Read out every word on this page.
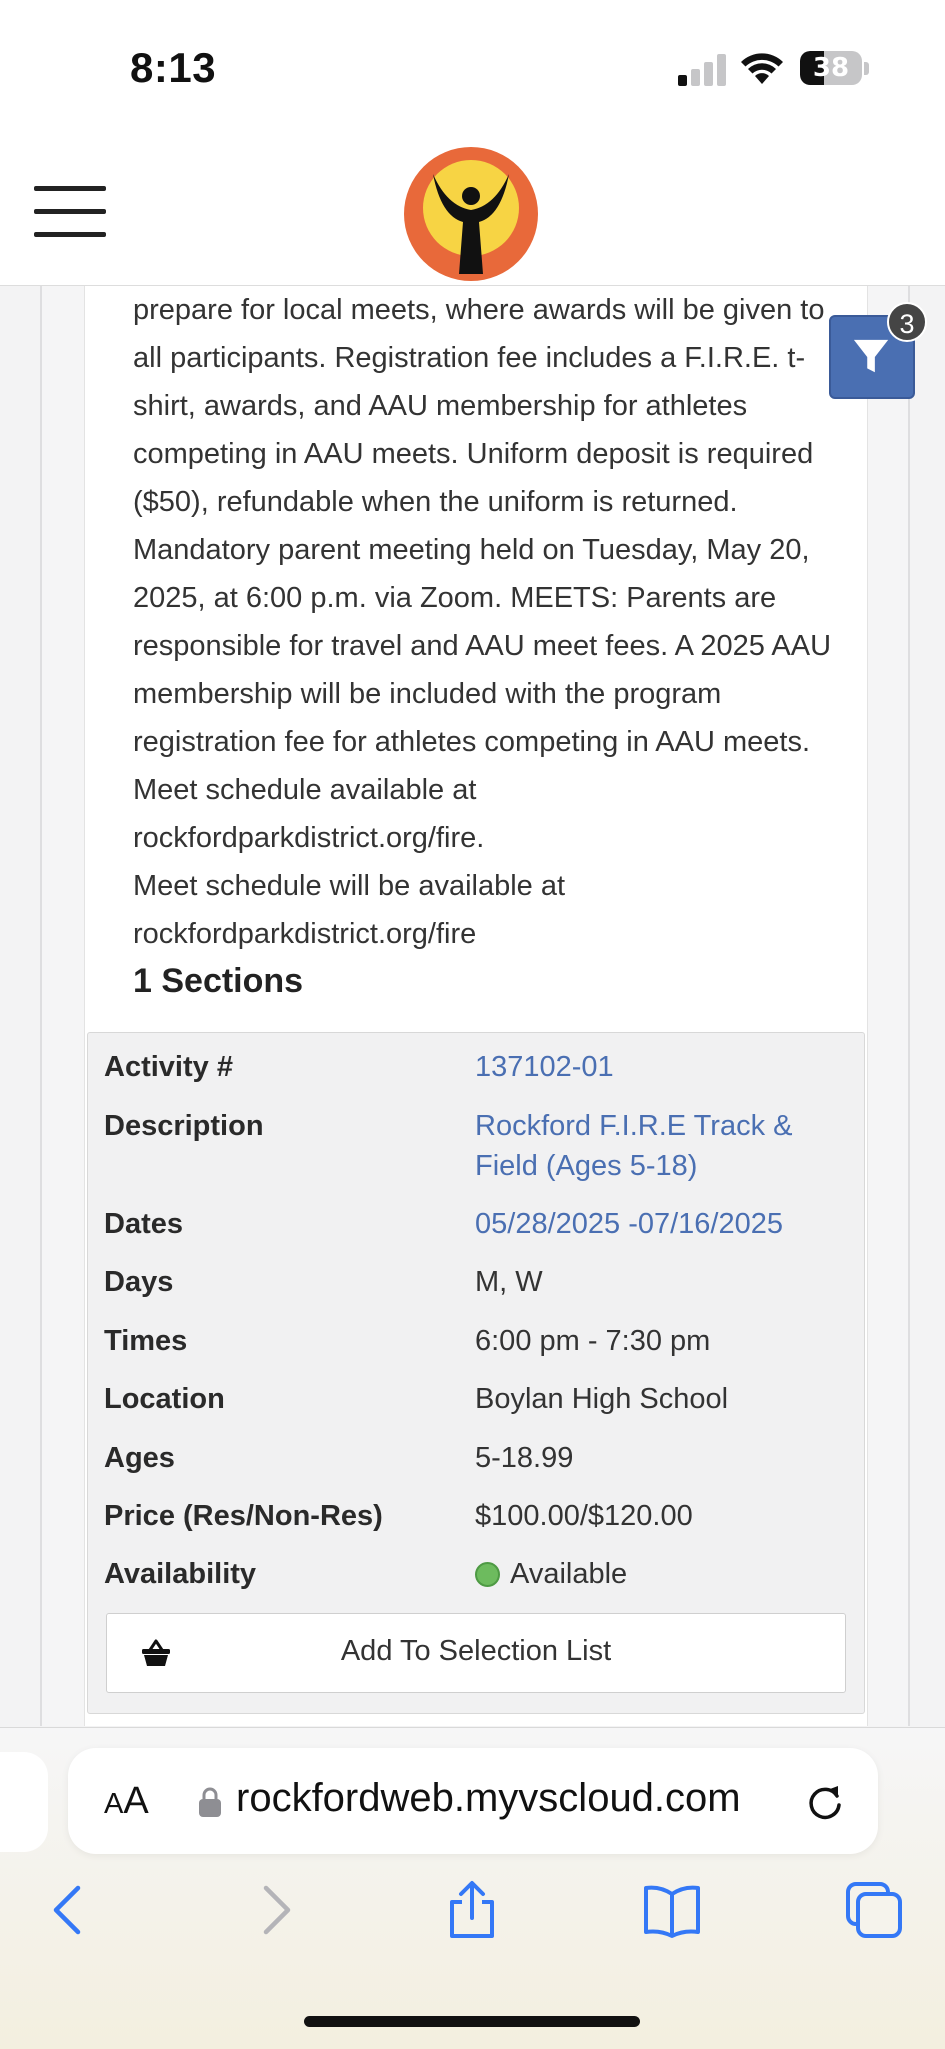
8:13	38

prepare for local meets, where awards will be given to all participants. Registration fee includes a F.I.R.E. t-shirt, awards, and AAU membership for athletes competing in AAU meets. Uniform deposit is required ($50), refundable when the uniform is returned. Mandatory parent meeting held on Tuesday, May 20, 2025, at 6:00 p.m. via Zoom. MEETS: Parents are responsible for travel and AAU meet fees. A 2025 AAU membership will be included with the program registration fee for athletes competing in AAU meets. Meet schedule available at rockfordparkdistrict.org/fire.

Meet schedule will be available at rockfordparkdistrict.org/fire

1 Sections
Activity #	137102-01
Description	Rockford F.I.R.E Track & Field (Ages 5-18)
Dates	05/28/2025 -07/16/2025
Days	M, W
Times	6:00 pm - 7:30 pm
Location	Boylan High School
Ages	5-18.99
Price (Res/Non-Res)	$100.00/$120.00
Availability	Available
Add To Selection List
3
AA rockfordweb.myvscloud.com
